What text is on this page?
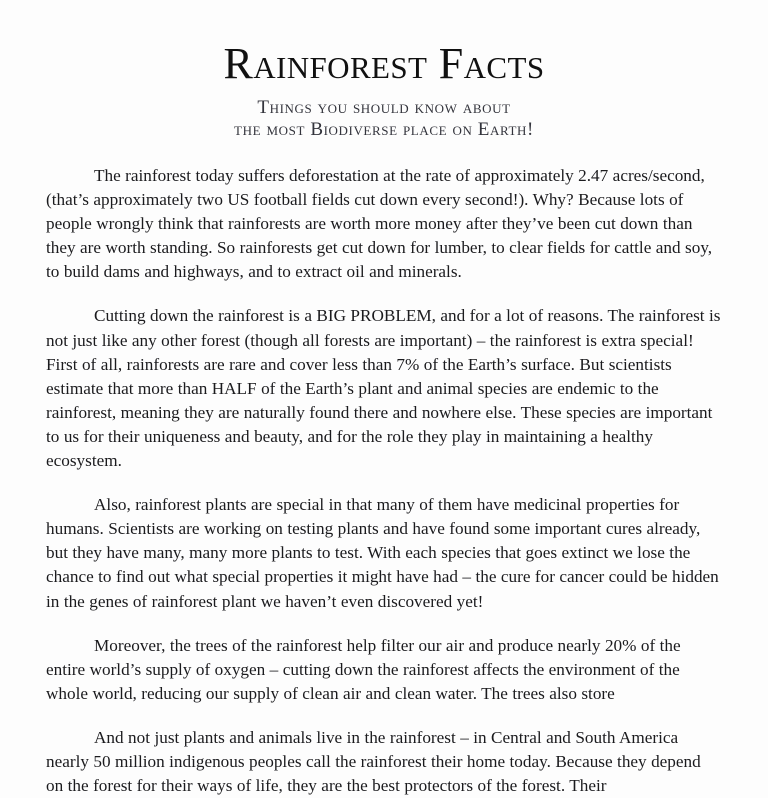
Rainforest Facts

Things you should know about
the most Biodiverse place on Earth!

The rainforest today suffers deforestation at the rate of approximately 2.47 acres/second, (that’s approximately two US football fields cut down every second!). Why? Because lots of people wrongly think that rainforests are worth more money after they’ve been cut down than they are worth standing. So rainforests get cut down for lumber, to clear fields for cattle and soy, to build dams and highways, and to extract oil and minerals.

Cutting down the rainforest is a BIG PROBLEM, and for a lot of reasons. The rainforest is not just like any other forest (though all forests are important) – the rainforest is extra special! First of all, rainforests are rare and cover less than 7% of the Earth’s surface. But scientists estimate that more than HALF of the Earth’s plant and animal species are endemic to the rainforest, meaning they are naturally found there and nowhere else. These species are important to us for their uniqueness and beauty, and for the role they play in maintaining a healthy ecosystem.

Also, rainforest plants are special in that many of them have medicinal properties for humans. Scientists are working on testing plants and have found some important cures already, but they have many, many more plants to test. With each species that goes extinct we lose the chance to find out what special properties it might have had – the cure for cancer could be hidden in the genes of rainforest plant we haven’t even discovered yet!

Moreover, the trees of the rainforest help filter our air and produce nearly 20% of the entire world’s supply of oxygen – cutting down the rainforest affects the environment of the whole world, reducing our supply of clean air and clean water. The trees also store

And not just plants and animals live in the rainforest – in Central and South America nearly 50 million indigenous peoples call the rainforest their home today. Because they depend on the forest for their ways of life, they are the best protectors of the forest. Their
